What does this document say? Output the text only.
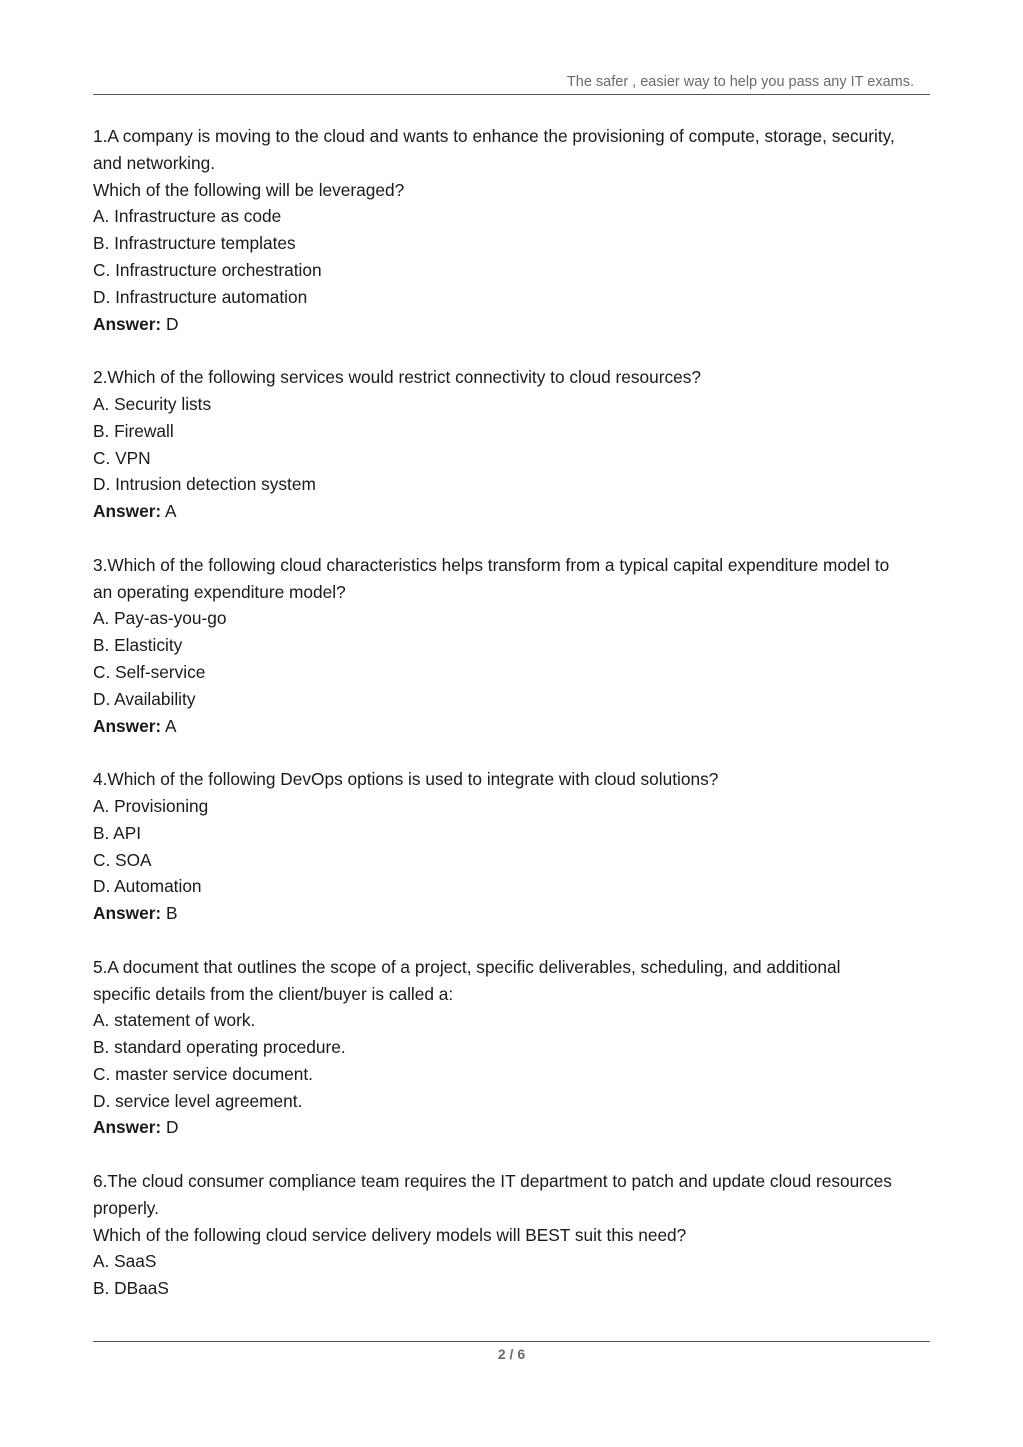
The safer , easier way to help you pass any IT exams.
1.A company is moving to the cloud and wants to enhance the provisioning of compute, storage, security,
and networking.
Which of the following will be leveraged?
A. Infrastructure as code
B. Infrastructure templates
C. Infrastructure orchestration
D. Infrastructure automation
Answer: D
2.Which of the following services would restrict connectivity to cloud resources?
A. Security lists
B. Firewall
C. VPN
D. Intrusion detection system
Answer: A
3.Which of the following cloud characteristics helps transform from a typical capital expenditure model to
an operating expenditure model?
A. Pay-as-you-go
B. Elasticity
C. Self-service
D. Availability
Answer: A
4.Which of the following DevOps options is used to integrate with cloud solutions?
A. Provisioning
B. API
C. SOA
D. Automation
Answer: B
5.A document that outlines the scope of a project, specific deliverables, scheduling, and additional
specific details from the client/buyer is called a:
A. statement of work.
B. standard operating procedure.
C. master service document.
D. service level agreement.
Answer: D
6.The cloud consumer compliance team requires the IT department to patch and update cloud resources
properly.
Which of the following cloud service delivery models will BEST suit this need?
A. SaaS
B. DBaaS
2 / 6
